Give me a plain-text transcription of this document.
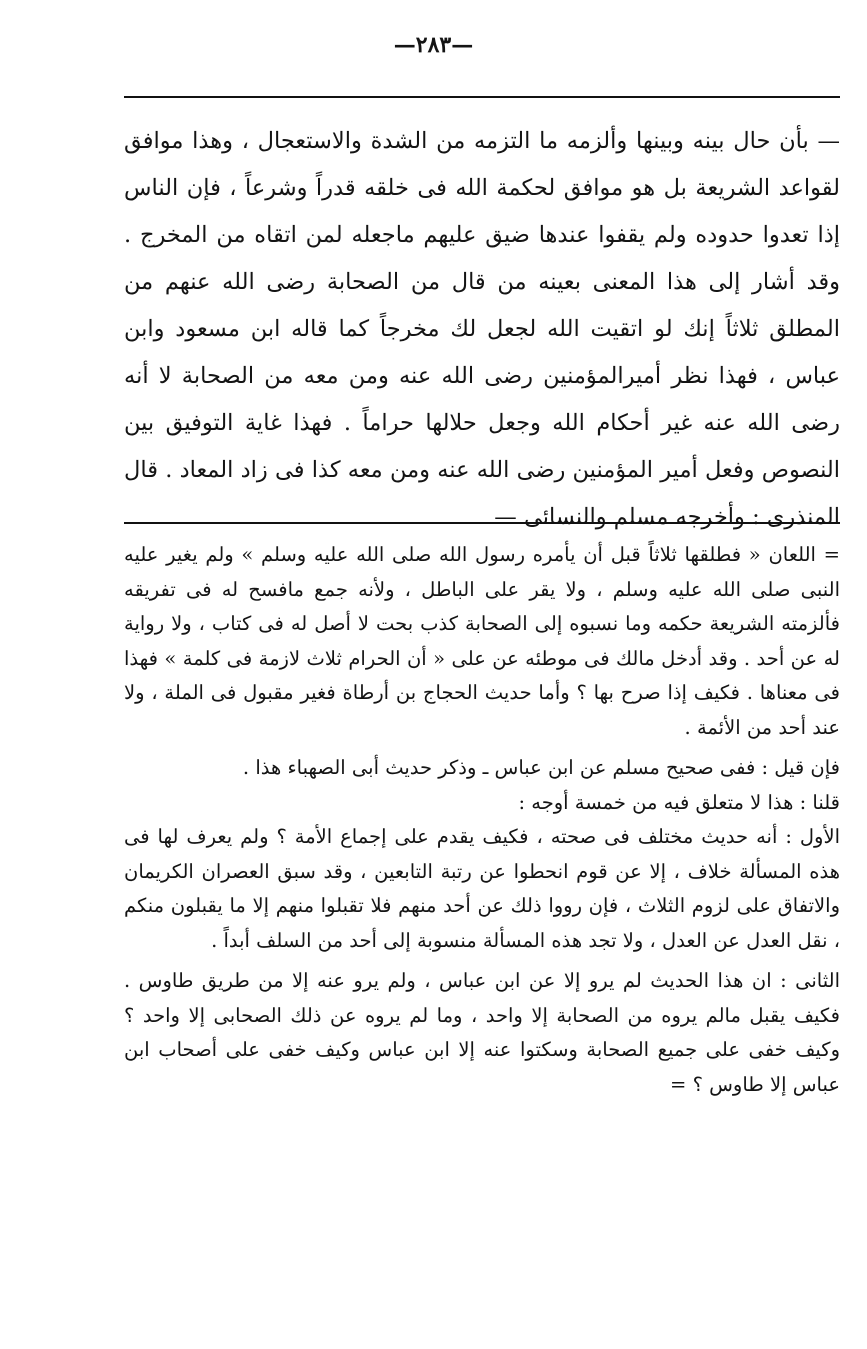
—٢٨٣—

— بأن حال بينه وبينها وألزمه ما التزمه من الشدة والاستعجال ، وهذا موافق لقواعد الشريعة بل هو موافق لحكمة الله فى خلقه قدراً وشرعاً ، فإن الناس إذا تعدوا حدوده ولم يقفوا عندها ضيق عليهم ماجعله لمن اتقاه من المخرج . وقد أشار إلى هذا المعنى بعينه من قال من الصحابة رضى الله عنهم من المطلق ثلاثاً إنك لو اتقيت الله لجعل لك مخرجاً كما قاله ابن مسعود وابن عباس ، فهذا نظر أميرالمؤمنين رضى الله عنه ومن معه من الصحابة لا أنه رضى الله عنه غير أحكام الله وجعل حلالها حراماً . فهذا غاية التوفيق بين النصوص وفعل أمير المؤمنين رضى الله عنه ومن معه كذا فى زاد المعاد . قال المنذرى : وأخرجه مسلم والنسائى —

= اللعان « فطلقها ثلاثاً قبل أن يأمره رسول الله صلى الله عليه وسلم » ولم يغير عليه النبى صلى الله عليه وسلم ، ولا يقر على الباطل ، ولأنه جمع مافسح له فى تفريقه فألزمته الشريعة حكمه وما نسبوه إلى الصحابة كذب بحت لا أصل له فى كتاب ، ولا رواية له عن أحد . وقد أدخل مالك فى موطئه عن على « أن الحرام ثلاث لازمة فى كلمة » فهذا فى معناها . فكيف إذا صرح بها ؟ وأما حديث الحجاج بن أرطاة فغير مقبول فى الملة ، ولا عند أحد من الأئمة .

فإن قيل : ففى صحيح مسلم عن ابن عباس ـ وذكر حديث أبى الصهباء هذا .

قلنا : هذا لا متعلق فيه من خمسة أوجه :

الأول : أنه حديث مختلف فى صحته ، فكيف يقدم على إجماع الأمة ؟ ولم يعرف لها فى هذه المسألة خلاف ، إلا عن قوم انحطوا عن رتبة التابعين ، وقد سبق العصران الكريمان والاتفاق على لزوم الثلاث ، فإن رووا ذلك عن أحد منهم فلا تقبلوا منهم إلا ما يقبلون منكم ، نقل العدل عن العدل ، ولا تجد هذه المسألة منسوبة إلى أحد من السلف أبداً .

الثانى : ان هذا الحديث لم يرو إلا عن ابن عباس ، ولم يرو عنه إلا من طريق طاوس . فكيف يقبل مالم يروه من الصحابة إلا واحد ، وما لم يروه عن ذلك الصحابى إلا واحد ؟ وكيف خفى على جميع الصحابة وسكتوا عنه إلا ابن عباس وكيف خفى على أصحاب ابن عباس إلا طاوس ؟ =
